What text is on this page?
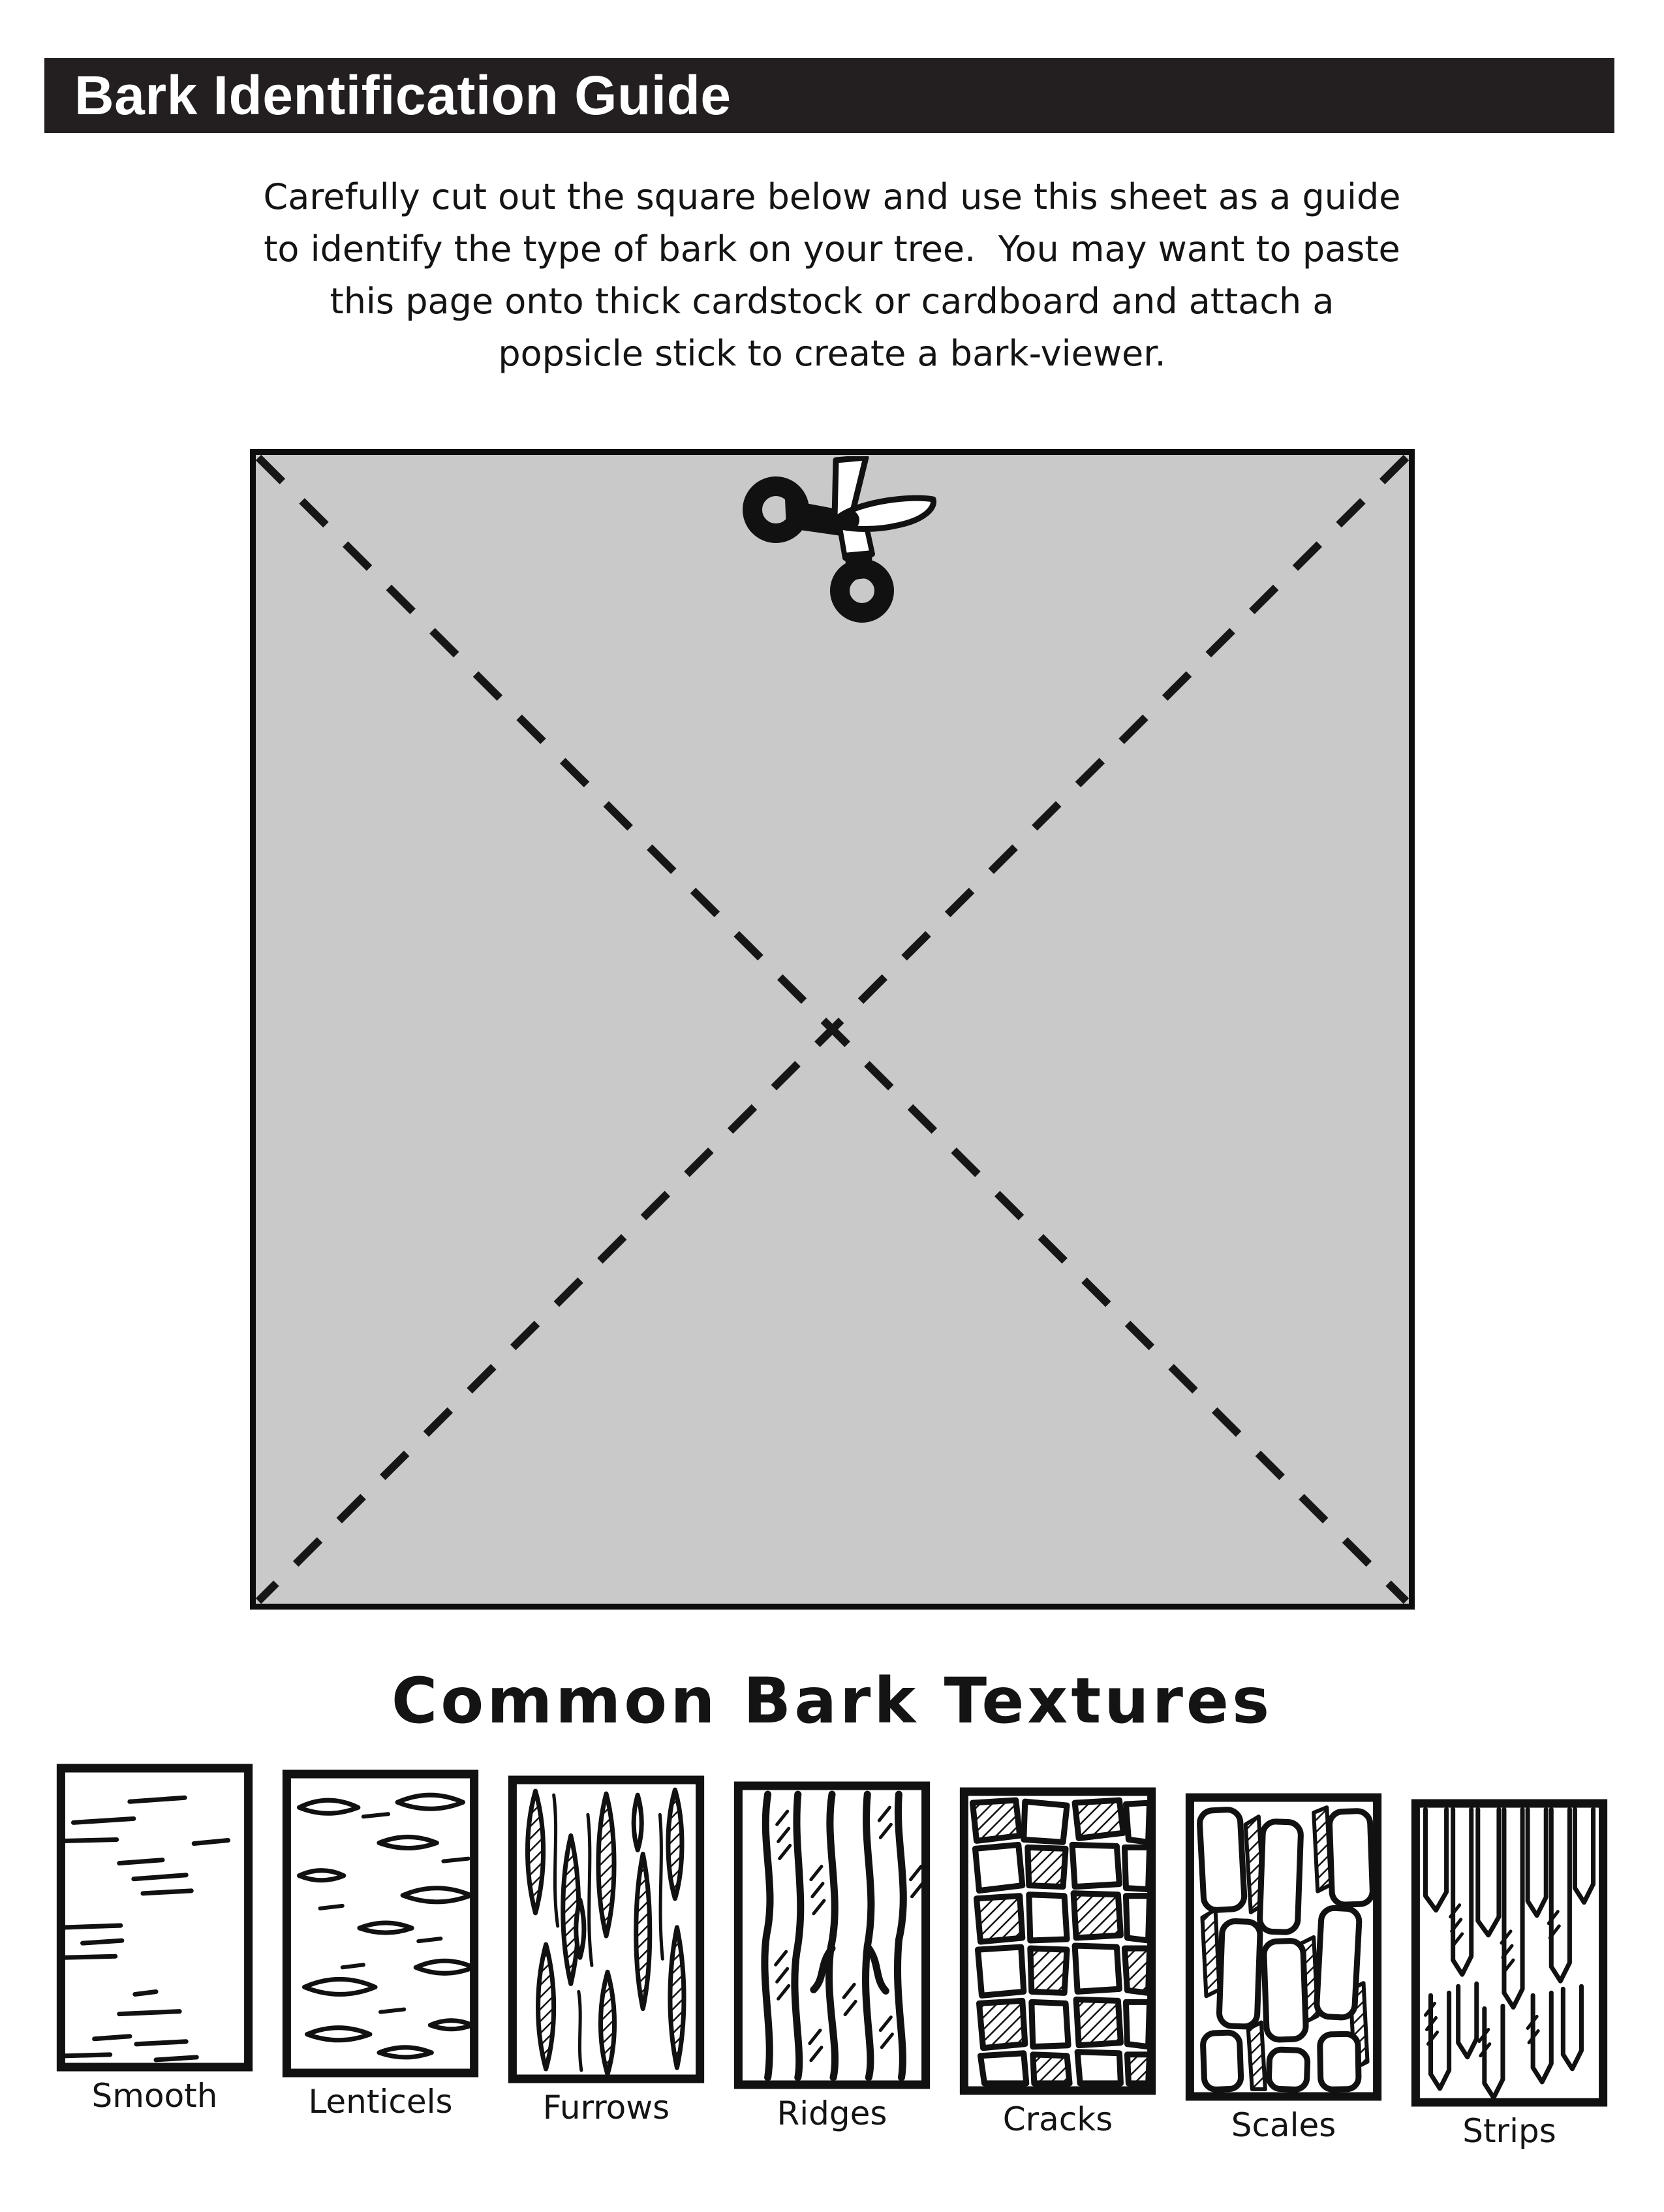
Bark Identification Guide
Carefully cut out the square below and use this sheet as a guide
to identify the type of bark on your tree.  You may want to paste
this page onto thick cardstock or cardboard and attach a
popsicle stick to create a bark-viewer.
Common Bark Textures
Smooth	Lenticels	Furrows	Ridges	Cracks	Scales	Strips
